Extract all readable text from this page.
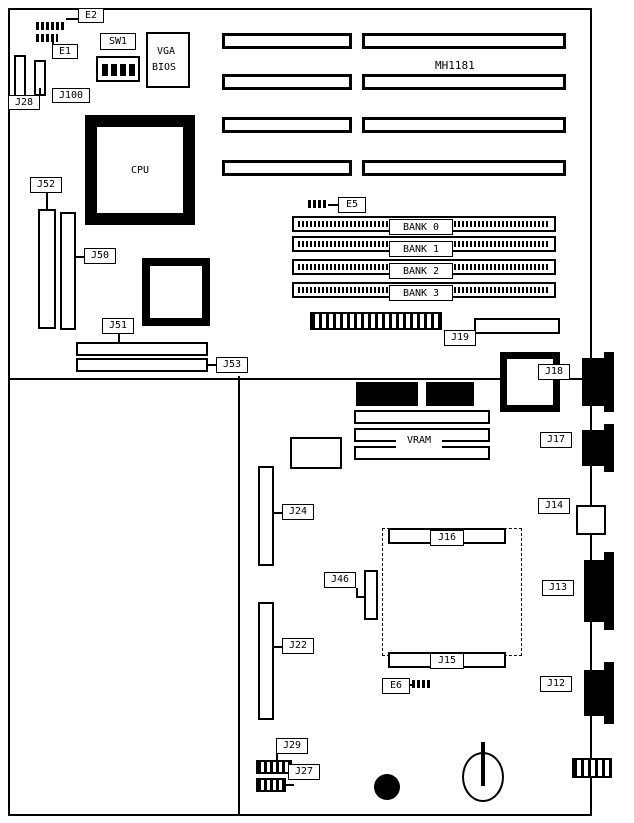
E2
E1
J28
J100
SW1
VGA
BIOS
CPU
MH1181
J52
J50
J51
J53
E5
BANK 0
BANK 1
BANK 2
BANK 3
J19
J18
J17
J14
J13
J12
VRAM
J24
J22
J16
J46
J15
E6
J29
J27
